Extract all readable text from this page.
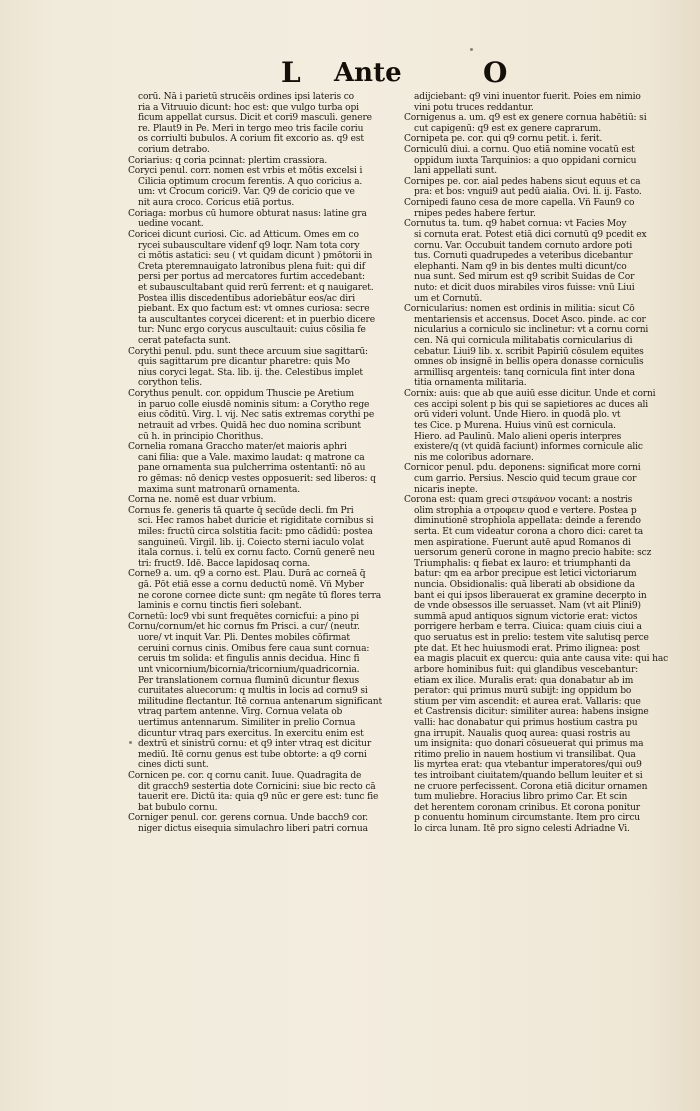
L Ante	O
corū. Nā i parietū strucēis ordines ipsi lateris co
ria a Vitruuio dicunt: hoc est: que vulgo turba opi
ficum appellat cursus. Dicit et cori9 masculi. genere
re. Plaut9 in Pe. Meri in tergo meo tris facile coriu
os corriulti bubulos. A corium fit excorio as. q9 est
corium detrabo.
Coriarius: q coria pcinnat: plertim crassiora.
Coryci penul. corr. nomen est vrbis et mōtis excelsi i
Cilicia optimum crocum ferentis. A quo coricius a.
um: vt Crocum corici9. Var. Q9 de coricio que ve
nit aura croco. Coricus etiā portus.
Coriaga: morbus cū humore obturat nasus: latine gra
uedine vocant.
Coricei dicunt curiosi. Cic. ad Atticum. Omes em co
rycei subauscultare videnf q9 loqr. Nam tota cory
ci mōtis astatici: seu ( vt quidam dicunt ) pmōtorii in
Creta pteremnauigato latronibus plena fuit: qui dif
persi per portus ad mercatores furtim accedebant:
et subauscultabant quid rerū ferrent: et q nauigaret.
Postea illis discedentibus adoriebātur eos/ac diri
piebant. Ex quo factum est: vt omnes curiosa: secre
ta auscultantes corycei dicerent: et in puerbio dicere
tur: Nunc ergo corycus auscultauit: cuius cōsilia fe
cerat patefacta sunt.
Corythi penul. pdu. sunt thece arcuum siue sagittarū:
quis sagittarum pre dicantur pharetre: quis Mo
nius coryci legat. Sta. lib. ij. the. Celestibus implet
corython telis.
Corythus penult. cor. oppidum Thuscie pe Aretium
in paruo colle eiusdē nominis situm: a Corytho rege
eius cōditū. Virg. l. vij. Nec satis extremas corythi pe
netrauit ad vrbes. Quidā hec duo nomina scribunt
cū h. in principio Chorithus.
Cornelia romana Graccho mater/et maioris aphri
cani filia: que a Vale. maximo laudat: q matrone ca
pane ornamenta sua pulcherrima ostentantī: nō au
ro gēmas: nō denicp vestes opposuerit: sed liberos: q
maxima sunt matronarū ornamenta.
Corna ne. nomē est duar vrbium.
Cornus fe. generis tā quarte q̄ secūde decli. fm Pri
sci. Hec ramos habet duricie et rigiditate cornibus si
miles: fructū circa solstitia facit: pmo cādidū: postea
sanguineū. Virgil. lib. ij. Coiecto sterni iaculo volat
itala cornus. i. telū ex cornu facto. Cornū generē neu
tri: fruct9. Idē. Bacce lapidosaq corna.
Corne9 a. um. q9 a corno est. Plau. Durā ac corneā q̄
gā. Pōt etiā esse a cornu deductū nomē. Vñ Myber
ne corone cornee dicte sunt: qm negāte tū flores terra
laminis e cornu tinctis fieri solebant.
Cornetū: loc9 vbi sunt frequētes cornicfui: a pino pi
Cornu/cornum/et hic cornus fm Prisci. a cur/ (neutr.
uore/ vt inquit Var. Pli. Dentes mobiles cōfirmat
ceruini cornus cinis. Omibus fere caua sunt cornua:
ceruis tm solida: et fingulis annis decidua. Hinc fi
unt vnicornium/bicornia/tricornium/quadricornia.
Per translationem cornua fluminū dicuntur flexus
curuitates aluecorum: q multis in locis ad cornu9 si
militudine flectantur. Itē cornua antenarum significant
vtraq partem antenne. Virg. Cornua velata ob
uertimus antennarum. Similiter in prelio Cornua
dicuntur vtraq pars exercitus. In exercitu enim est
dextrū et sinistrū cornu: et q9 inter vtraq est dicitur
mediū. Itē cornu genus est tube obtorte: a q9 corni
cines dicti sunt.
Cornicen pe. cor. q cornu canit. Iuue. Quadragita de
dit gracch9 sestertia dote Cornicini: siue bic recto cā
tauerit ere. Dictū ita: quia q9 nūc er gere est: tunc fie
bat bubulo cornu.
Corniger penul. cor. gerens cornua. Unde bacch9 cor.
niger dictus eisequia simulachro liberi patri cornua
adijciebant: q9 vini inuentor fuerit. Poies em nimio
vini potu truces reddantur.
Cornigenus a. um. q9 est ex genere cornua habētiū: si
cut capigenū: q9 est ex genere caprarum.
Cornipeta pe. cor. qui q9 cornu petit. i. ferit.
Corniculū diui. a cornu. Quo etiā nomine vocatū est
oppidum iuxta Tarquinios: a quo oppidani cornicu
lani appellati sunt.
Cornipes pe. cor. aial pedes habens sicut equus et ca
pra: et bos: vngui9 aut pedū aialia. Ovi. li. ij. Fasto.
Cornipedi fauno cesa de more capella. Vñ Faun9 co
rnipes pedes habere fertur.
Cornutus ta. tum. q9 habet cornua: vt Facies Moy
si cornuta erat. Potest etiā dici cornutū q9 pcedit ex
cornu. Var. Occubuit tandem cornuto ardore poti
tus. Cornuti quadrupedes a veteribus dicebantur
elephanti. Nam q9 in bis dentes multi dicunt/co
nua sunt. Sed mirum est q9 scribit Suidas de Cor
nuto: et dicit duos mirabiles viros fuisse: vnū Liui
um et Cornutū.
Cornicularius: nomen est ordinis in militia: sicut Cō
mentariensis et accensus. Docet Asco. pinde. ac cor
nicularius a corniculo sic inclinetur: vt a cornu corni
cen. Nā qui cornicula militabatis cornicularius di
cebatur. Liui9 lib. x. scribit Papiriū cōsulem equites
omnes ob insignē in bellis opera donasse corniculis
armillisq argenteis: tanq cornicula fint inter dona
titia ornamenta militaria.
Cornix: auis: que ab que auiū esse dicitur. Unde et corni
ces accipi solent p bis qui se sapietiores ac duces ali
orū videri volunt. Unde Hiero. in quodā plo. vt
tes Cice. p Murena. Huius vinū est cornicula.
Hiero. ad Paulinū. Malo alieni operis interpres
existere/q (vt quidā faciunt) informes cornicule alic
nis me coloribus adornare.
Cornicor penul. pdu. deponens: significat more corni
cum garrio. Persius. Nescio quid tecum graue cor
nicaris inepte.
Corona est: quam greci στεφάνον vocant: a nostris
olim strophia a στροφειν quod e vertere. Postea p
diminutionē strophiola appellata: deinde a ferendo
serta. Et cum videatur corona a choro dici: caret ta
men aspiratione. Fuerunt autē apud Romanos di
uersorum generū corone in magno precio habite: scz
Triumphalis: q fiebat ex lauro: et triumphanti da
batur: qm ea arbor precipue est letici victoriarum
nuncia. Obsidionalis: quā liberati ab obsidione da
bant ei qui ipsos liberauerat ex gramine decerpto in
de vnde obsessos ille seruasset. Nam (vt ait Plini9)
summā apud antiquos signum victorie erat: victos
porrigere herbam e terra. Ciuica: quam ciuis ciui a
quo seruatus est in prelio: testem vite salutisq perce
pte dat. Et hec huiusmodi erat. Primo ilignea: post
ea magis placuit ex quercu: quia ante causa vite: qui hac
arbore hominibus fuit: qui glandibus vescebantur:
etiam ex ilice. Muralis erat: qua donabatur ab im
perator: qui primus murū subijt: ing oppidum bo
stium per vim ascendit: et aurea erat. Vallaris: que
et Castrensis dicitur: similiter aurea: habens insigne
valli: hac donabatur qui primus hostium castra pu
gna irrupit. Naualis quoq aurea: quasi rostris au
um insignita: quo donari cōsueuerat qui primus ma
ritimo prelio in nauem hostium vi transilibat. Qua
lis myrtea erat: qua vtebantur imperatores/qui ou9
tes introibant ciuitatem/quando bellum leuiter et si
ne cruore perfecissent. Corona etiā dicitur ornamen
tum muliebre. Horacius libro primo Car. Et scin
det herentem coronam crinibus. Et corona ponitur
p conuentu hominum circumstante. Item pro circu
lo circa lunam. Itē pro signo celesti Adriadne Vi.
